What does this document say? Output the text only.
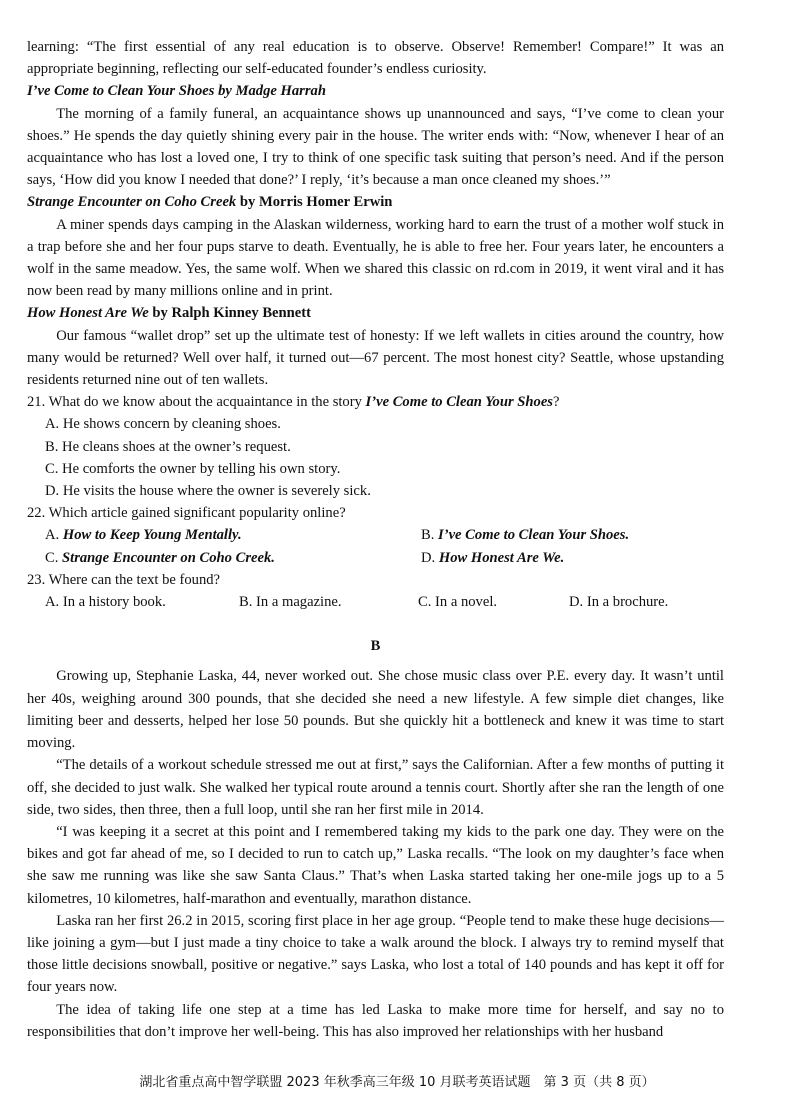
learning: “The first essential of any real education is to observe. Observe! Remember! Compare!” It was an appropriate beginning, reflecting our self-educated founder’s endless curiosity.

I’ve Come to Clean Your Shoes by Madge Harrah

The morning of a family funeral, an acquaintance shows up unannounced and says, “I’ve come to clean your shoes.” He spends the day quietly shining every pair in the house. The writer ends with: “Now, whenever I hear of an acquaintance who has lost a loved one, I try to think of one specific task suiting that person’s need. And if the person says, ‘How did you know I needed that done?’ I reply, ‘it’s because a man once cleaned my shoes.’”

Strange Encounter on Coho Creek by Morris Homer Erwin

A miner spends days camping in the Alaskan wilderness, working hard to earn the trust of a mother wolf stuck in a trap before she and her four pups starve to death. Eventually, he is able to free her. Four years later, he encounters a wolf in the same meadow. Yes, the same wolf. When we shared this classic on rd.com in 2019, it went viral and it has now been read by many millions online and in print.

How Honest Are We by Ralph Kinney Bennett

Our famous “wallet drop” set up the ultimate test of honesty: If we left wallets in cities around the country, how many would be returned? Well over half, it turned out—67 percent. The most honest city? Seattle, whose upstanding residents returned nine out of ten wallets.

21. What do we know about the acquaintance in the story I’ve Come to Clean Your Shoes?

A. He shows concern by cleaning shoes.

B. He cleans shoes at the owner’s request.

C. He comforts the owner by telling his own story.

D. He visits the house where the owner is severely sick.

22. Which article gained significant popularity online?

A. How to Keep Young Mentally.	B. I’ve Come to Clean Your Shoes.
C. Strange Encounter on Coho Creek.	D. How Honest Are We.

23. Where can the text be found?

A. In a history book.	B. In a magazine.	C. In a novel.	D. In a brochure.
B

Growing up, Stephanie Laska, 44, never worked out. She chose music class over P.E. every day. It wasn’t until her 40s, weighing around 300 pounds, that she decided she need a new lifestyle. A few simple diet changes, like limiting beer and desserts, helped her lose 50 pounds. But she quickly hit a bottleneck and knew it was time to start moving.

“The details of a workout schedule stressed me out at first,” says the Californian. After a few months of putting it off, she decided to just walk. She walked her typical route around a tennis court. Shortly after she ran the length of one side, two sides, then three, then a full loop, until she ran her first mile in 2014.

“I was keeping it a secret at this point and I remembered taking my kids to the park one day. They were on the bikes and got far ahead of me, so I decided to run to catch up,” Laska recalls. “The look on my daughter’s face when she saw me running was like she saw Santa Claus.” That’s when Laska started taking her one-mile jogs up to a 5 kilometres, 10 kilometres, half-marathon and eventually, marathon distance.

Laska ran her first 26.2 in 2015, scoring first place in her age group. “People tend to make these huge decisions—like joining a gym—but I just made a tiny choice to take a walk around the block. I always try to remind myself that those little decisions snowball, positive or negative.” says Laska, who lost a total of 140 pounds and has kept it off for four years now.

The idea of taking life one step at a time has led Laska to make more time for herself, and say no to responsibilities that don’t improve her well-being. This has also improved her relationships with her husband

湖北省重点高中智学联盟 2023 年秋季高三年级 10 月联考英语试题　第 3 页（共 8 页）
